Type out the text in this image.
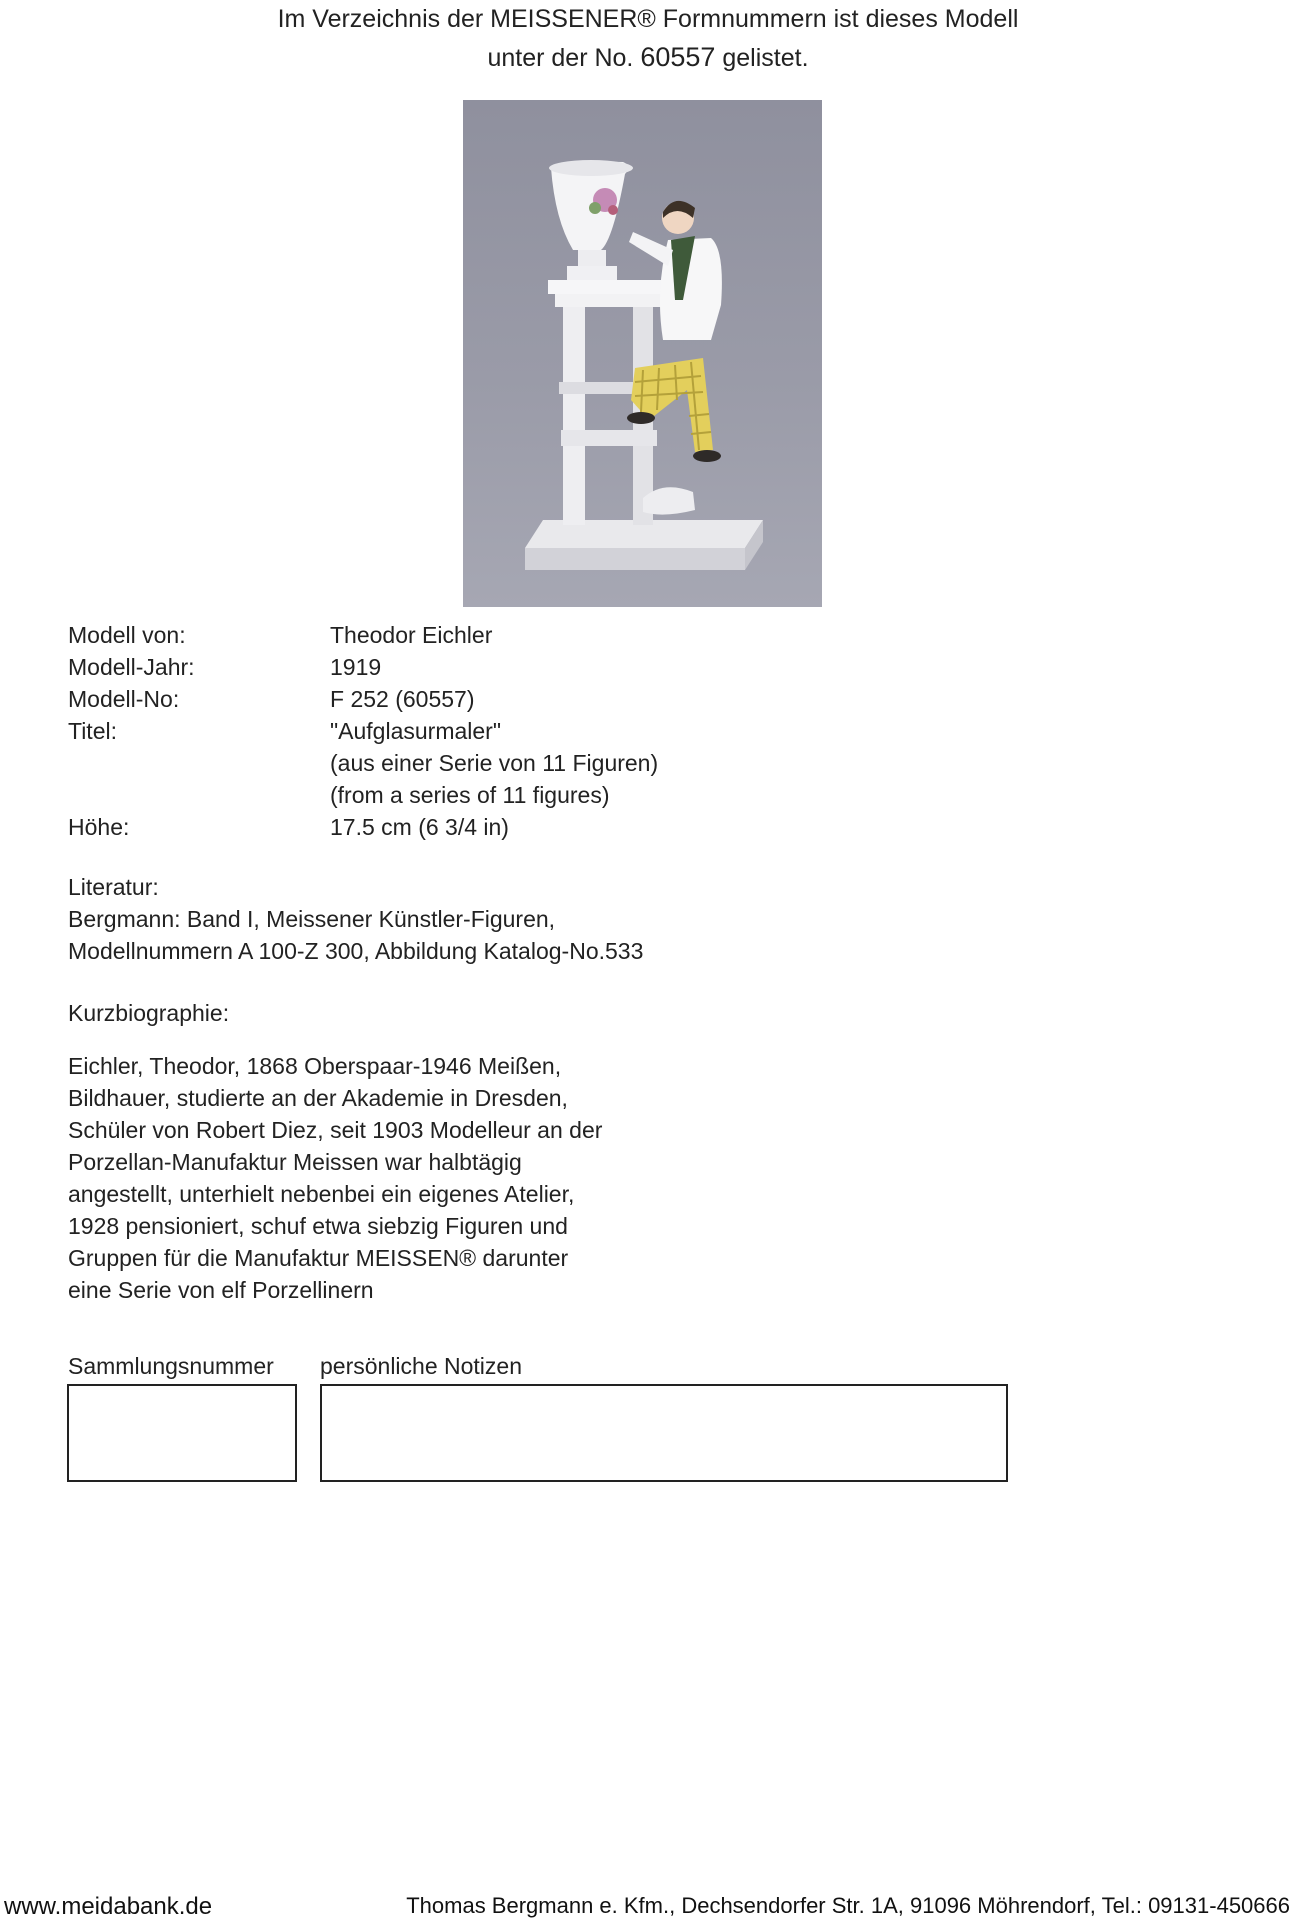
Im Verzeichnis der MEISSENER® Formnummern ist dieses Modell
unter der No. 60557 gelistet.
Modell von:	Theodor Eichler
Modell-Jahr:	1919
Modell-No:	F 252 (60557)
Titel:	"Aufglasurmaler"
(aus einer Serie von 11 Figuren)
(from a series of 11 figures)
Höhe:	17.5 cm (6 3/4 in)
Literatur:
Bergmann: Band I, Meissener Künstler-Figuren,
Modellnummern A 100-Z 300, Abbildung Katalog-No.533
Kurzbiographie:
Eichler, Theodor, 1868 Oberspaar-1946 Meißen,
Bildhauer, studierte an der Akademie in Dresden,
Schüler von Robert Diez, seit 1903 Modelleur an der
Porzellan-Manufaktur Meissen war halbtägig
angestellt, unterhielt nebenbei ein eigenes Atelier,
1928 pensioniert, schuf etwa siebzig Figuren und
Gruppen für die Manufaktur MEISSEN® darunter
eine Serie von elf Porzellinern
Sammlungsnummer persönliche Notizen
www.meidabank.de	Thomas Bergmann e. Kfm., Dechsendorfer Str. 1A, 91096 Möhrendorf, Tel.: 09131-450666
